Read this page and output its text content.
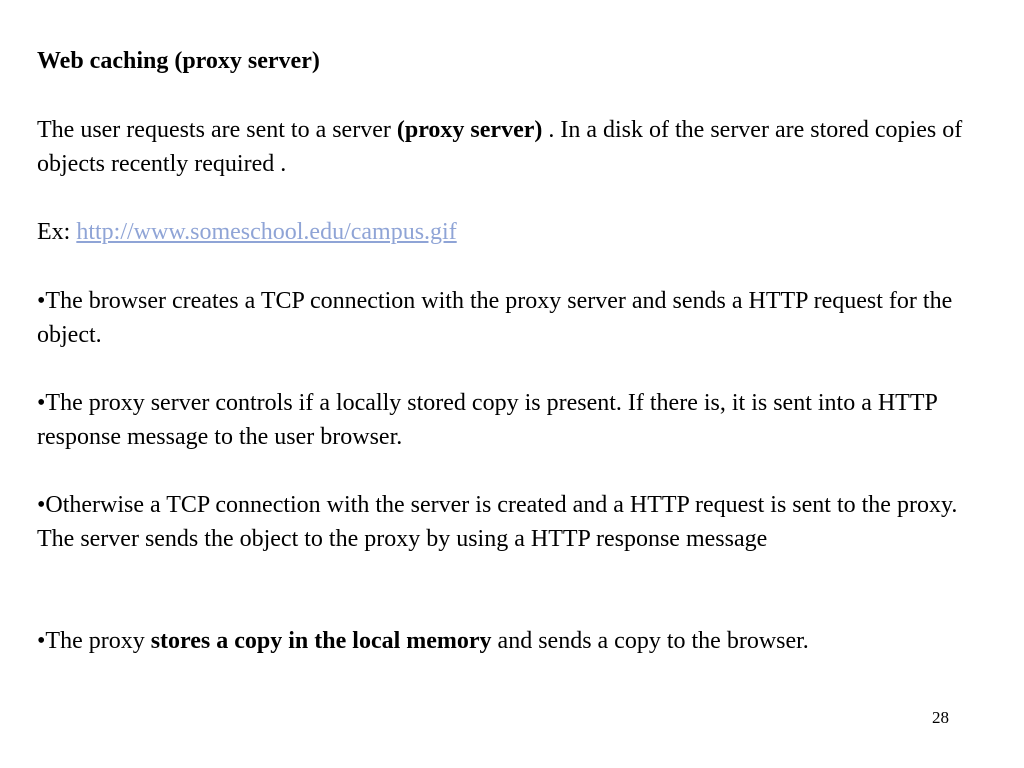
Web caching (proxy server)

The user requests are sent to a server (proxy server) . In a disk of the server are stored copies of objects recently required .

Ex: http://www.someschool.edu/campus.gif

•The browser creates a TCP connection with the proxy server and sends a HTTP request for the object.

•The proxy server controls if a locally stored copy is present. If there is, it is sent into a HTTP response message to the user browser.

•Otherwise a TCP connection with the server is created and a HTTP request is sent to the proxy. The server sends the object to the proxy by using a HTTP response message

•The proxy stores a copy in the local memory and sends a copy to the browser.

28
